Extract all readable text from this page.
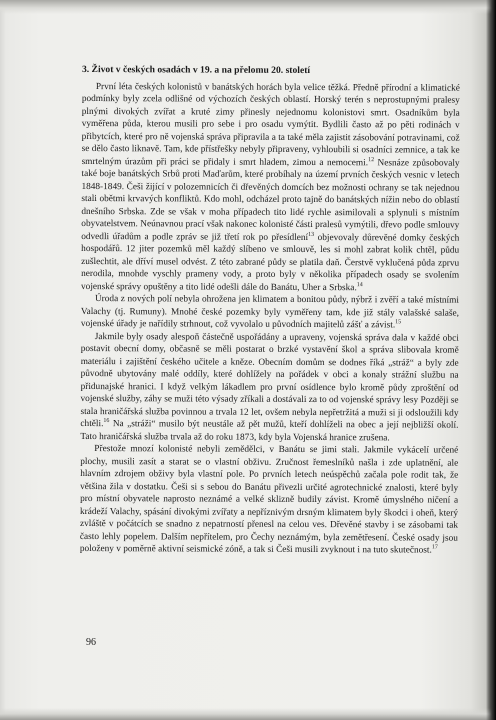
3. Život v českých osadách v 19. a na přelomu 20. století

První léta českých kolonistů v banátských horách byla velice těžká. Předně přírodní a klimatické podmínky byly zcela odlišné od výchozích českých oblastí. Horský terén s neprostupnými pralesy plnými divokých zvířat a kruté zimy přinesly nejednomu kolonistovi smrt. Osadníkům byla vyměřena půda, kterou musili pro sebe i pro osadu vymýtit. Bydlili často až po pěti rodinách v přibytcích, které pro ně vojenská správa připravila a ta také měla zajistit zásobování potravinami, což se dělo často liknavě. Tam, kde přístřešky nebyly připraveny, vyhloubili si osadníci zemnice, a tak ke smrtelným úrazům při práci se přidaly i smrt hladem, zimou a nemocemi.$^{12}$ Nesnáze způsobovaly také boje banátských Srbů proti Maďarům, které probíhaly na území prvních českých vesnic v letech 1848-1849. Češi žijící v polozemnicích či dřevěných domcích bez možnosti ochrany se tak nejednou stali obětmi krvavých konfliktů. Kdo mohl, odcházel proto tajně do banátských nížin nebo do oblastí dnešního Srbska. Zde se však v moha případech tito lidé rychle asimilovali a splynuli s místním obyvatelstvem. Neúnavnou prací však nakonec kolonisté části pralesů vymýtili, dřevo podle smlouvy odvedli úřadům a podle zpráv se již třetí rok po přesídlení$^{13}$ objevovaly důrevěné domky českých hospodářů. 12 jiter pozemků měl každý slíbeno ve smlouvě, les si mohl zabrat kolik chtěl, půdu zušlechtit, ale dříví musel odvést. Z této zabrané půdy se platila daň. Čerstvě vyklučená půda zprvu nerodila, mnohde vyschly prameny vody, a proto byly v několika případech osady se svolením vojenské správy opuštěny a tito lidé odešli dále do Banátu, Uher a Srbska.$^{14}$

Úroda z nových polí nebyla ohrožena jen klimatem a bonitou půdy, nýbrž i zvěří a také místními Valachy (tj. Rumuny). Mnohé české pozemky byly vyměřeny tam, kde již stály valašské salaše, vojenské úřady je nařídily strhnout, což vyvolalo u původních majitelů zášť a závist.$^{15}$

Jakmile byly osady alespoň částečně uspořádány a upraveny, vojenská správa dala v každé obci postavit obecní domy, občasně se měli postarat o brzké vystavění škol a správa slibovala kromě materiálu i zajištění českého učitele a kněze. Obecním domům se dodnes říká „stráž“ a byly zde původně ubytovány malé oddíly, které dohlížely na pořádek v obci a konaly strážní službu na přidunajské hranici. I když velkým lákadlem pro první osídlence bylo kromě půdy zproštění od vojenské služby, záhy se muži této výsady zříkali a dostávali za to od vojenské správy lesy Později se stala hraničářská služba povinnou a trvala 12 let, ovšem nebyla nepřetržitá a muži si ji odsloužili kdy chtěli.$^{16}$ Na „stráži“ musilo být neustále až pět mužů, kteří dohlíželi na obec a její nejbližší okolí. Tato hraničářská služba trvala až do roku 1873, kdy byla Vojenská hranice zrušena.

Přestože mnozí kolonisté nebyli zemědělci, v Banátu se jimi stali. Jakmile vykácelí určené plochy, musili zasít a starat se o vlastní obživu. Zručnost řemeslníků našla i zde uplatnění, ale hlavním zdrojem obživy byla vlastní pole. Po prvních letech neúspěchů začala pole rodit tak, že většina žila v dostatku. Češi si s sebou do Banátu přivezli určité agrotechnické znalosti, které byly pro místní obyvatele naprosto neznámé a velké sklizně budily závist. Kromě úmyslného ničení a krádeží Valachy, spásání divokými zvířaty a nepříznivým drsným klimatem byly škodci i oheň, který zvláště v počátcích se snadno z nepatrností přenesl na celou ves. Dřevěné stavby i se zásobami tak často lehly popelem. Dalším nepřítelem, pro Čechy neznámým, byla zemětřesení. České osady jsou položeny v poměrně aktivní seismické zóně, a tak si Češi musili zvyknout i na tuto skutečnost.$^{17}$

96
